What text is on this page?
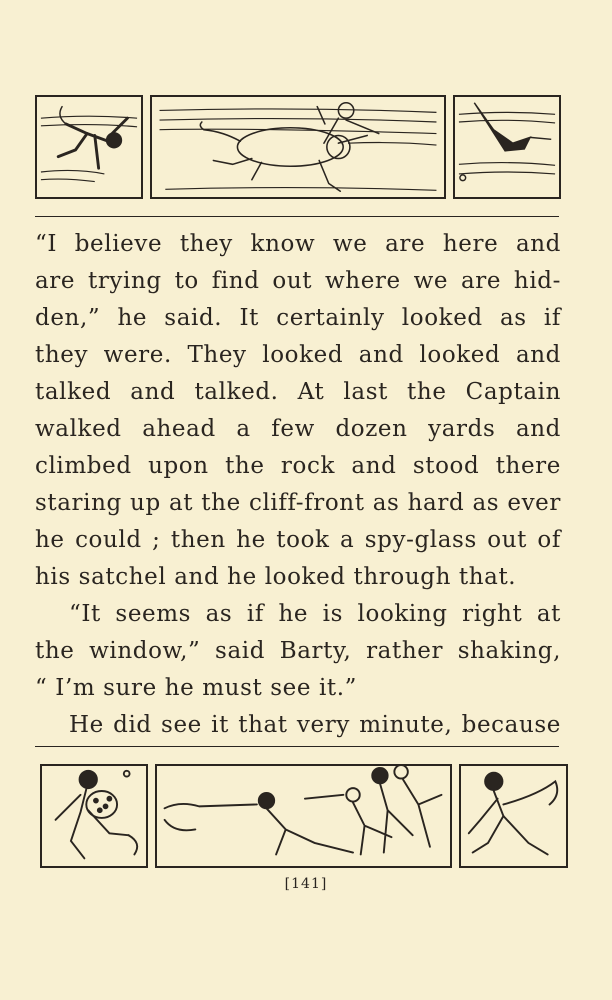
“I believe they know we are here and
are trying to find out where we are hid-
den,” he said. It certainly looked as if
they were. They looked and looked and
talked and talked. At last the Captain
walked ahead a few dozen yards and
climbed upon the rock and stood there
staring up at the cliff-front as hard as ever
he could ; then he took a spy-glass out of
his satchel and he looked through that.
“It seems as if he is looking right at
the window,” said Barty, rather shaking,
“ I’m sure he must see it.”
He did see it that very minute, because
[141]
